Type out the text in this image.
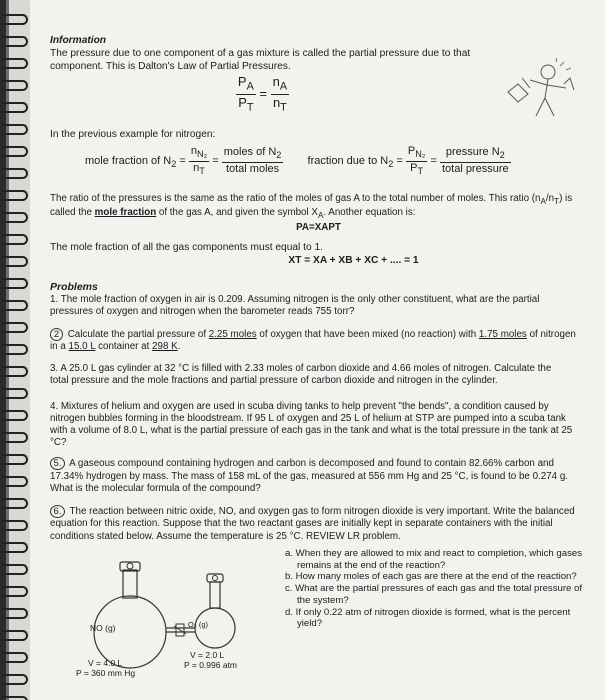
Information

The pressure due to one component of a gas mixture is called the partial pressure due to that

component. This is Dalton's Law of Partial Pressures.

$\frac{P_A}{P_T} = \frac{n_A}{n_T}$

In the previous example for nitrogen:

mole fraction of $N_2 = \frac{n_{N_2}}{n_T} = \frac{moles of N_2}{\text{total moles}}$ fraction due to $N_2 = \frac{P_{N_2}}{P_T} = \frac{pressure N_2}{\text{total pressure}}$

The ratio of the pressures is the same as the ratio of the moles of gas A to the total number of moles. This ratio $(n_A/n_T)$ is

called the mole fraction of the gas A, and given the symbol $X_A$. Another equation is:

PA=XAPT

The mole fraction of all the gas components must equal to 1.

XT = XA + XB + XC + .... = 1

Problems

1. The mole fraction of oxygen in air is 0.209. Assuming nitrogen is the only other constituent, what are the partial

pressures of oxygen and nitrogen when the barometer reads 755 torr?

2 Calculate the partial pressure of 2.25 moles of oxygen that have been mixed (no reaction) with 1.75 moles of nitrogen

in a 15.0 L container at 298 K.

3. A 25.0 L gas cylinder at 32 °C is filled with 2.33 moles of carbon dioxide and 4.66 moles of nitrogen. Calculate the

total pressure and the mole fractions and partial pressure of carbon dioxide and nitrogen in the cylinder.

4. Mixtures of helium and oxygen are used in scuba diving tanks to help prevent "the bends", a condition caused by

nitrogen bubbles forming in the bloodstream. If 95 L of oxygen and 25 L of helium at STP are pumped into a scuba tank

with a volume of 8.0 L, what is the partial pressure of each gas in the tank and what is the total pressure in the tank at 25

°C?

5. A gaseous compound containing hydrogen and carbon is decomposed and found to contain 82.66% carbon and

17.34% hydrogen by mass. The mass of 158 mL of the gas, measured at 556 mm Hg and 25 °C, is found to be 0.274 g.

What is the molecular formula of the compound?

6. The reaction between nitric oxide, NO, and oxygen gas to form nitrogen dioxide is very important. Write the balanced

equation for this reaction. Suppose that the two reactant gases are initially kept in separate containers with the initial

conditions stated below. Assume the temperature is 25 °C. REVIEW LR problem.

NO (g)	O₂ (g)

V = 4.0 L

P = 360 mm Hg

V = 2.0 L

P = 0.996 atm

a. When they are allowed to mix and react to completion, which gases

remains at the end of the reaction?

b. How many moles of each gas are there at the end of the reaction?

c. What are the partial pressures of each gas and the total pressure of

the system?

d. If only 0.22 atm of nitrogen dioxide is formed, what is the percent

yield?
